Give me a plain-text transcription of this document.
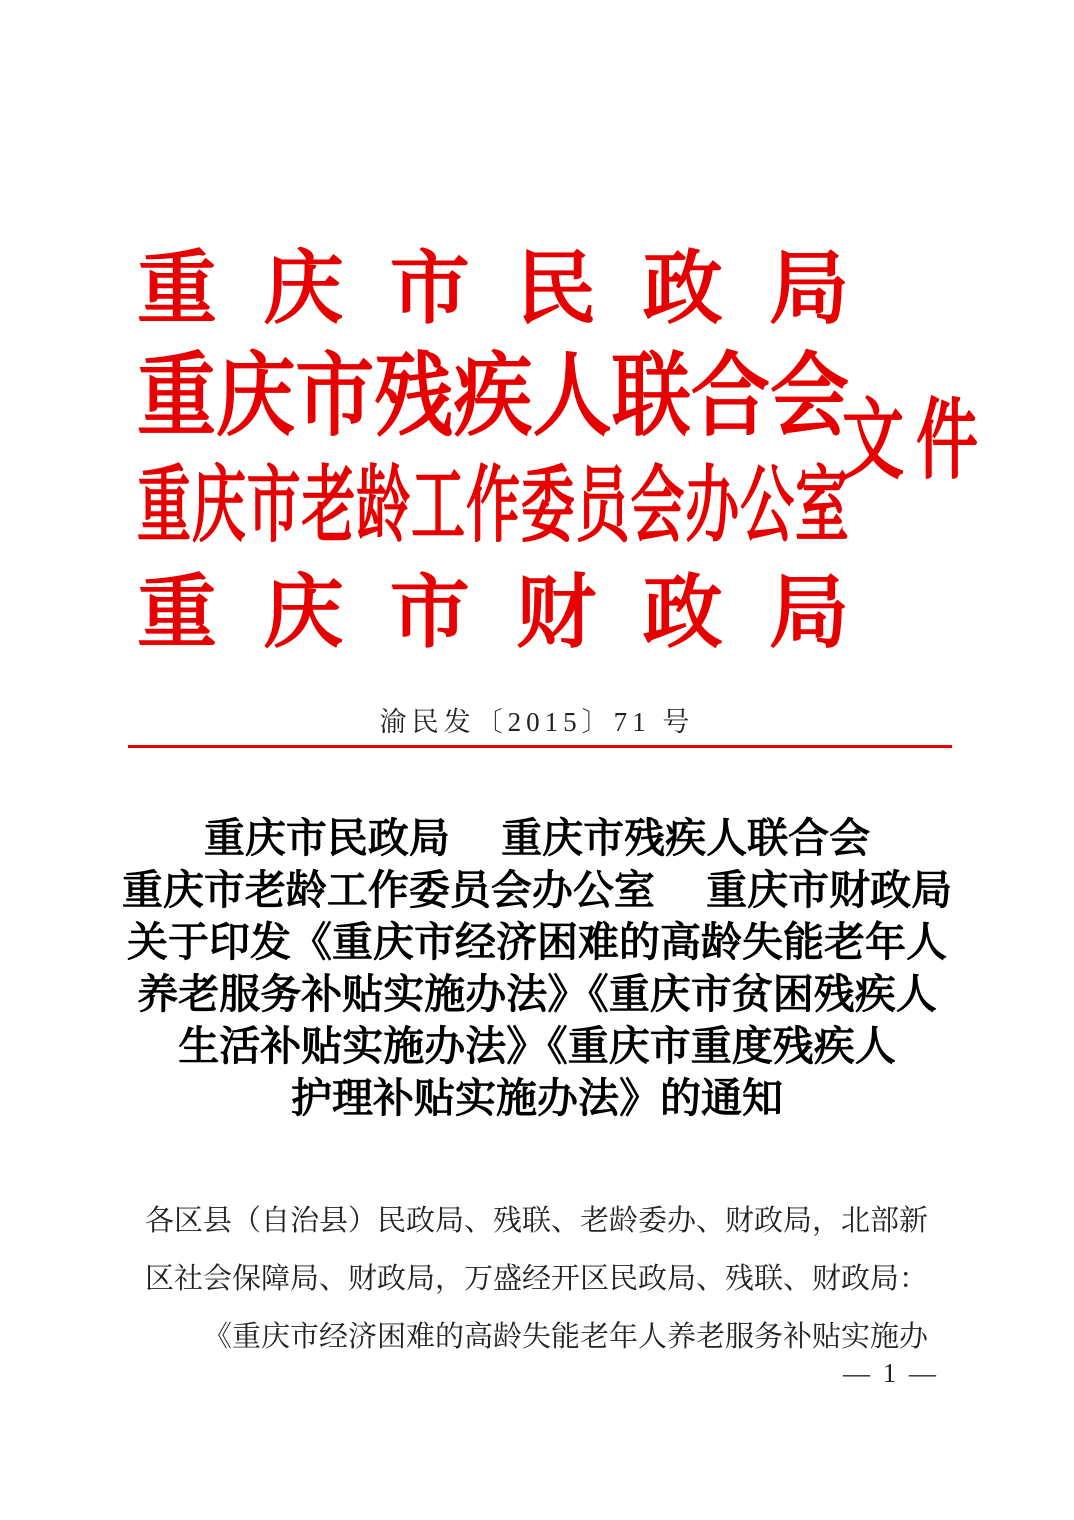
重 庆 市 民 政 局
重 庆 市 残 疾 人 联 合 会
重 庆 市 老 龄 工 作 委 员 会 办 公 室
重 庆 市 财 政 局
文件
渝民发〔2015〕71 号
重庆市民政局　 重庆市残疾人联合会
重庆市老龄工作委员会办公室　 重庆市财政局
关于印发《重庆市经济困难的高龄失能老年人
养老服务补贴实施办法》《重庆市贫困残疾人
生活补贴实施办法》《重庆市重度残疾人
护理补贴实施办法》的通知
各区县（自治县）民政局、残联、老龄委办、财政局，北部新
区社会保障局、财政局，万盛经开区民政局、残联、财政局：
《重庆市经济困难的高龄失能老年人养老服务补贴实施办
— 1 —
